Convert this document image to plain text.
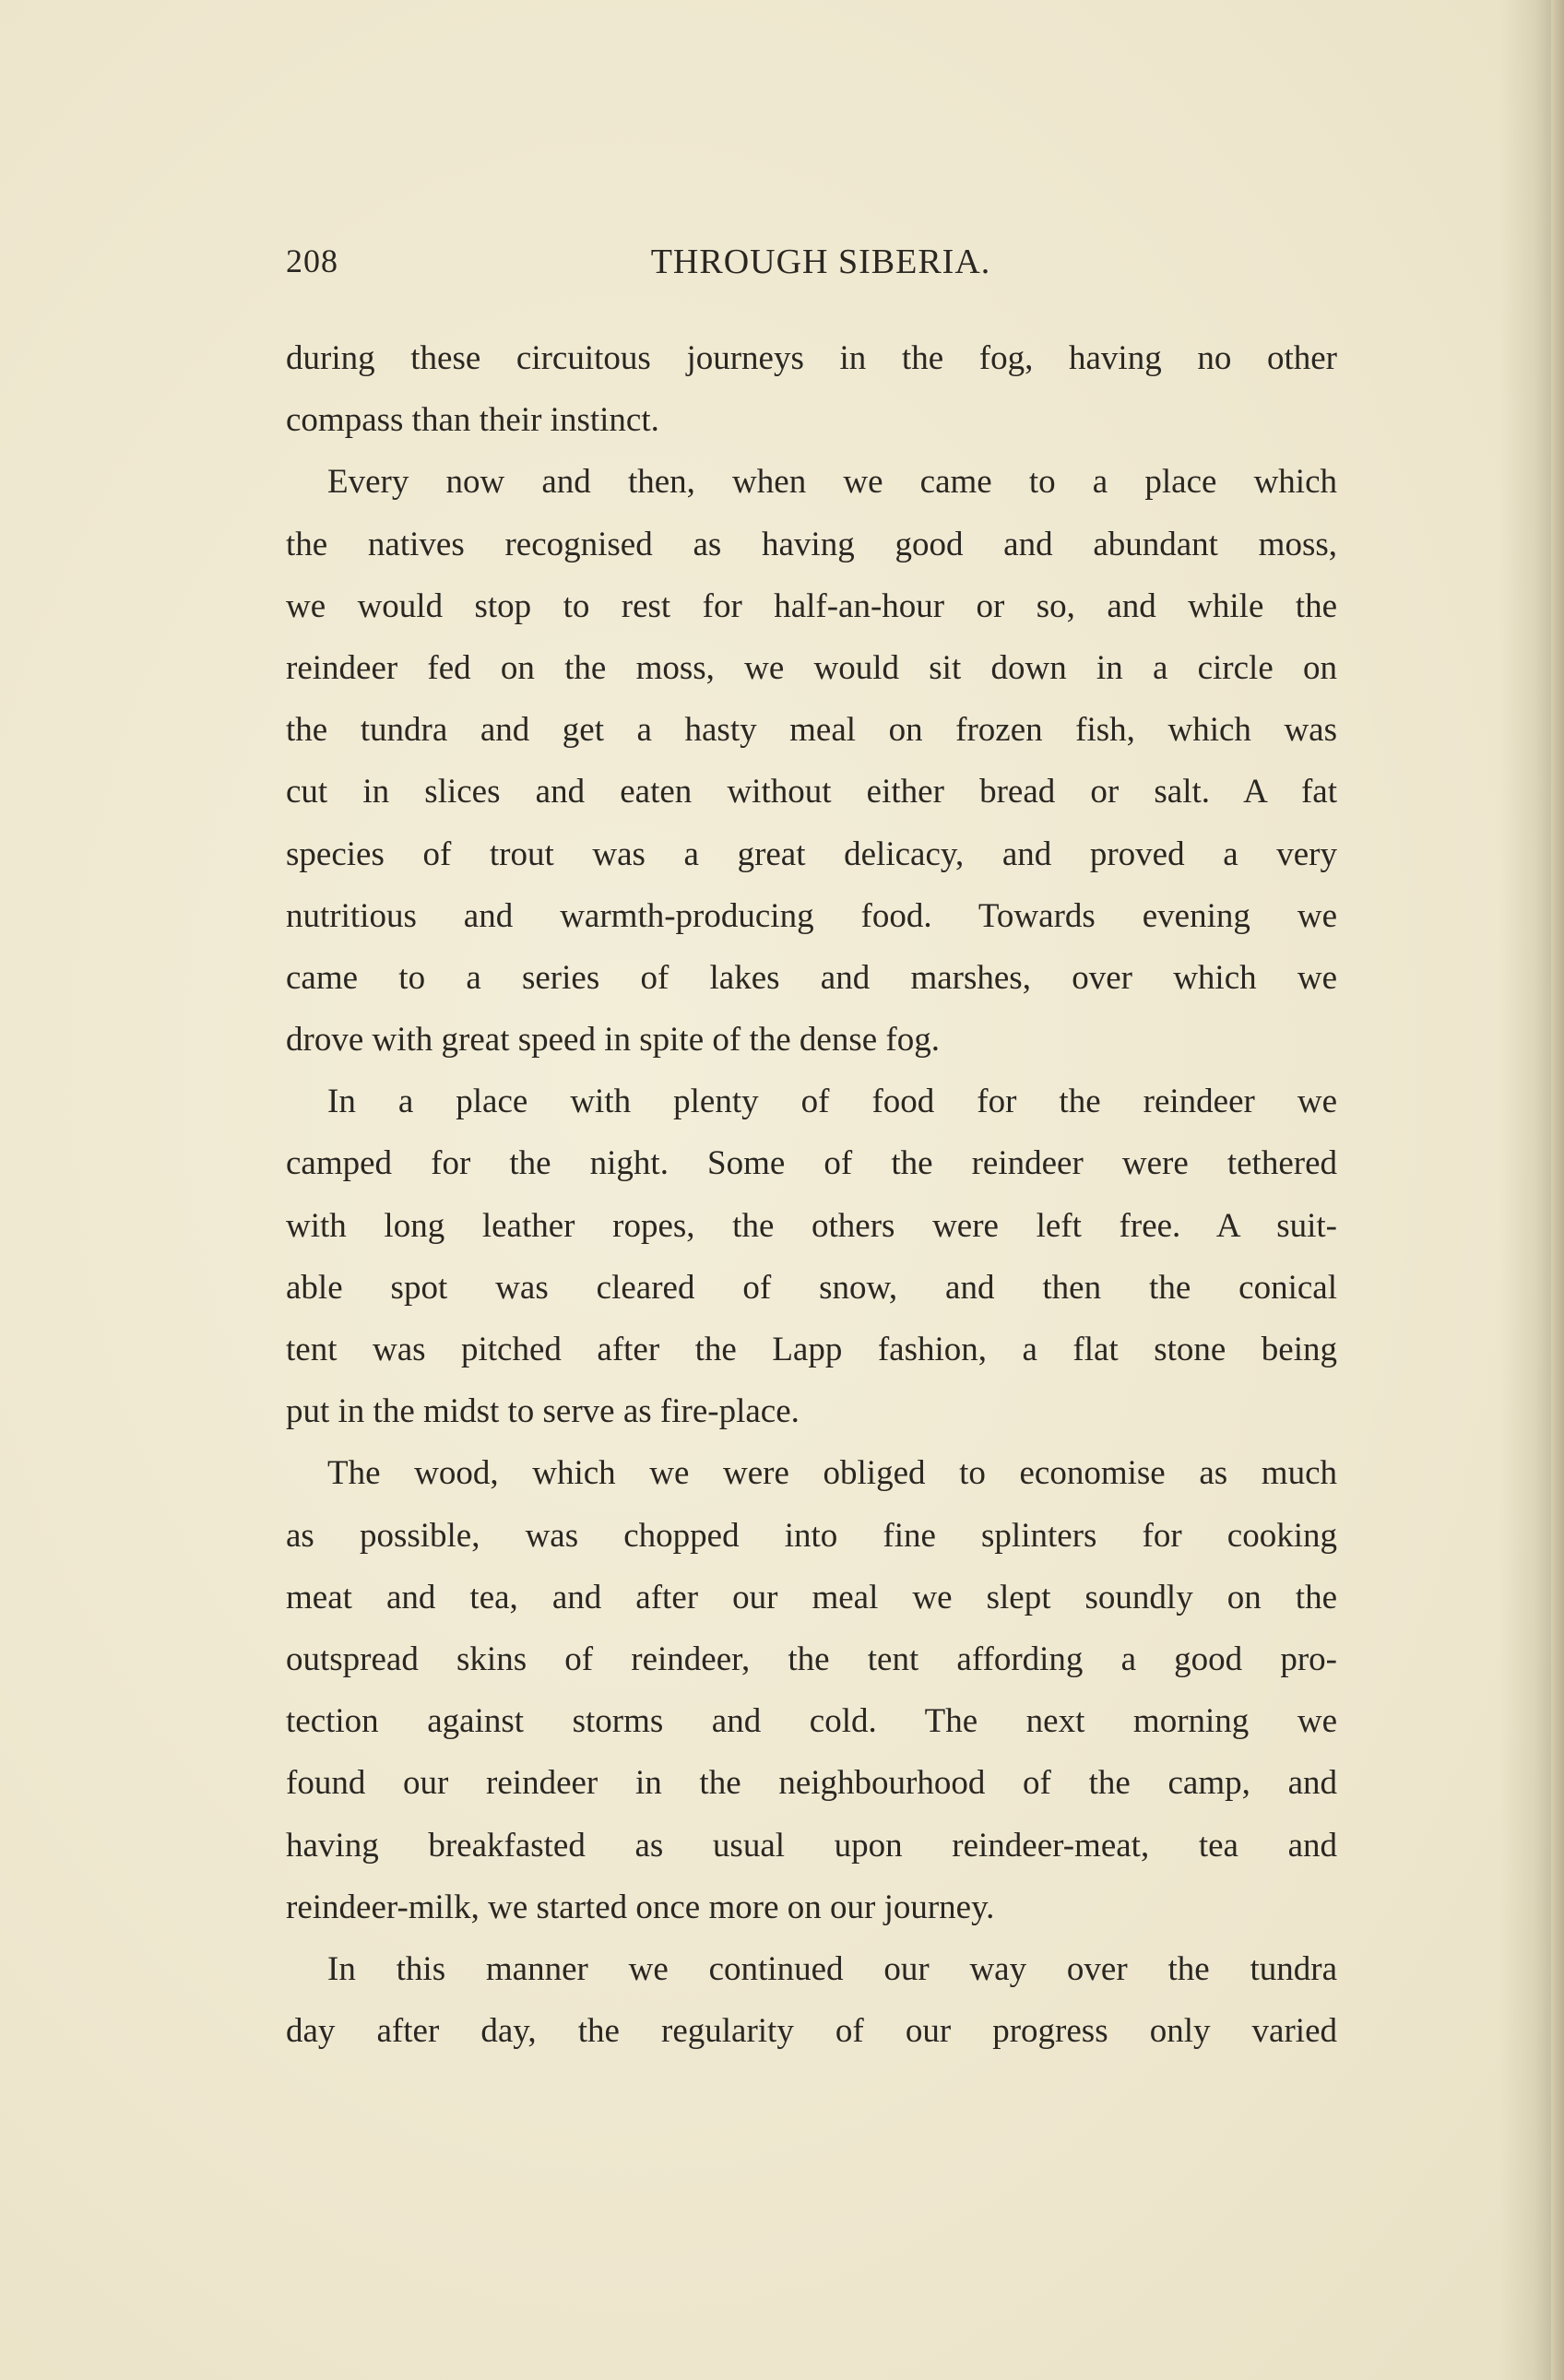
208	THROUGH SIBERIA.
during these circuitous journeys in the fog, having no other
compass than their instinct.
Every now and then, when we came to a place which
the natives recognised as having good and abundant moss,
we would stop to rest for half-an-hour or so, and while the
reindeer fed on the moss, we would sit down in a circle on
the tundra and get a hasty meal on frozen fish, which was
cut in slices and eaten without either bread or salt. A fat
species of trout was a great delicacy, and proved a very
nutritious and warmth-producing food. Towards evening we
came to a series of lakes and marshes, over which we
drove with great speed in spite of the dense fog.
In a place with plenty of food for the reindeer we
camped for the night. Some of the reindeer were tethered
with long leather ropes, the others were left free. A suit-
able spot was cleared of snow, and then the conical
tent was pitched after the Lapp fashion, a flat stone being
put in the midst to serve as fire-place.
The wood, which we were obliged to economise as much
as possible, was chopped into fine splinters for cooking
meat and tea, and after our meal we slept soundly on the
outspread skins of reindeer, the tent affording a good pro-
tection against storms and cold. The next morning we
found our reindeer in the neighbourhood of the camp, and
having breakfasted as usual upon reindeer-meat, tea and
reindeer-milk, we started once more on our journey.
In this manner we continued our way over the tundra
day after day, the regularity of our progress only varied
